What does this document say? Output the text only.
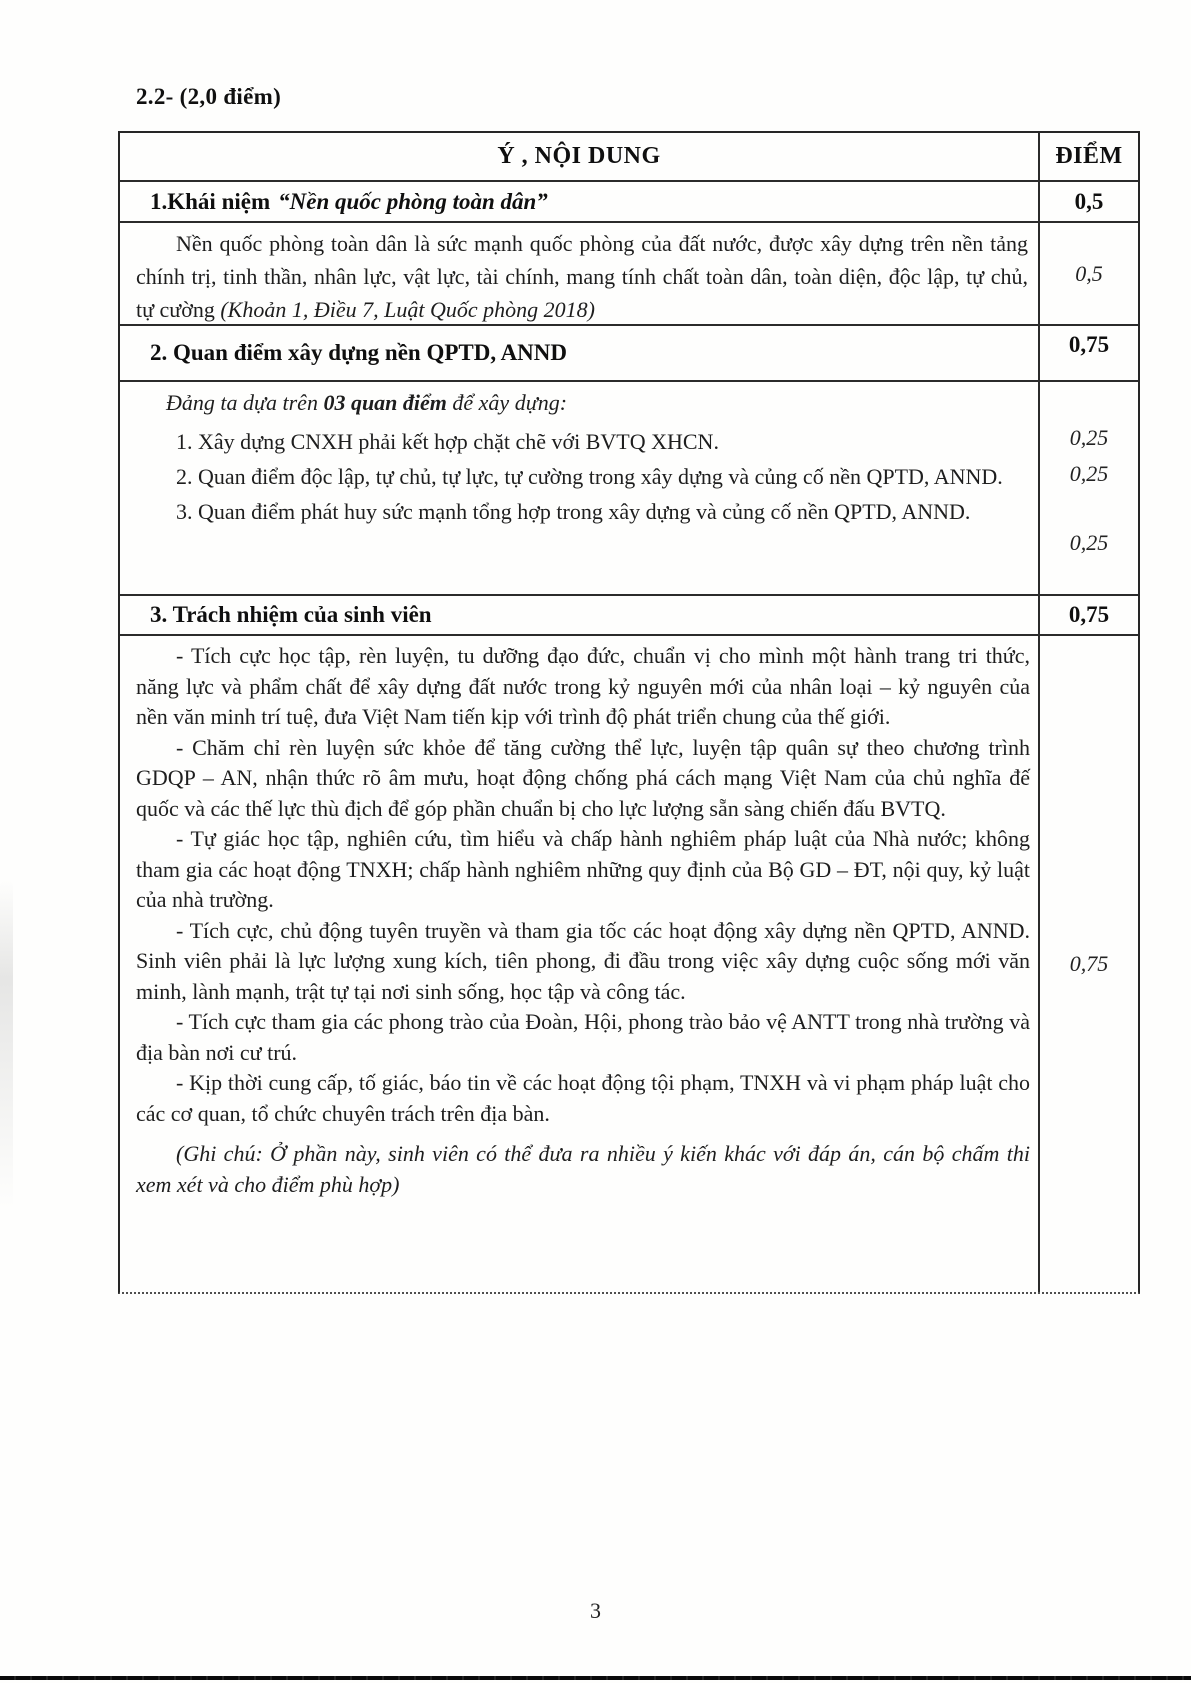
2.2- (2,0 điểm)
Ý , NỘI DUNG	ĐIỂM
1.Khái niệm “Nền quốc phòng toàn dân”	0,5

Nền quốc phòng toàn dân là sức mạnh quốc phòng của đất nước, được xây dựng trên nền tảng chính trị, tinh thần, nhân lực, vật lực, tài chính, mang tính chất toàn dân, toàn diện, độc lập, tự chủ, tự cường (Khoản 1, Điều 7, Luật Quốc phòng 2018)

0,5
2. Quan điểm xây dựng nền QPTD, ANND	0,75

Đảng ta dựa trên 03 quan điểm để xây dựng:

1. Xây dựng CNXH phải kết hợp chặt chẽ với BVTQ XHCN.

2. Quan điểm độc lập, tự chủ, tự lực, tự cường trong xây dựng và củng cố nền QPTD, ANND.

3. Quan điểm phát huy sức mạnh tổng hợp trong xây dựng và củng cố nền QPTD, ANND.

0,25
0,25
0,25
3. Trách nhiệm của sinh viên	0,75

- Tích cực học tập, rèn luyện, tu dưỡng đạo đức, chuẩn vị cho mình một hành trang tri thức, năng lực và phẩm chất để xây dựng đất nước trong kỷ nguyên mới của nhân loại – kỷ nguyên của nền văn minh trí tuệ, đưa Việt Nam tiến kịp với trình độ phát triển chung của thế giới.

- Chăm chỉ rèn luyện sức khỏe để tăng cường thể lực, luyện tập quân sự theo chương trình GDQP – AN, nhận thức rõ âm mưu, hoạt động chống phá cách mạng Việt Nam của chủ nghĩa đế quốc và các thế lực thù địch để góp phần chuẩn bị cho lực lượng sẵn sàng chiến đấu BVTQ.

- Tự giác học tập, nghiên cứu, tìm hiểu và chấp hành nghiêm pháp luật của Nhà nước; không tham gia các hoạt động TNXH; chấp hành nghiêm những quy định của Bộ GD – ĐT, nội quy, kỷ luật của nhà trường.

- Tích cực, chủ động tuyên truyền và tham gia tốc các hoạt động xây dựng nền QPTD, ANND. Sinh viên phải là lực lượng xung kích, tiên phong, đi đầu trong việc xây dựng cuộc sống mới văn minh, lành mạnh, trật tự tại nơi sinh sống, học tập và công tác.

- Tích cực tham gia các phong trào của Đoàn, Hội, phong trào bảo vệ ANTT trong nhà trường và địa bàn nơi cư trú.

- Kịp thời cung cấp, tố giác, báo tin về các hoạt động tội phạm, TNXH và vi phạm pháp luật cho các cơ quan, tổ chức chuyên trách trên địa bàn.

(Ghi chú: Ở phần này, sinh viên có thể đưa ra nhiều ý kiến khác với đáp án, cán bộ chấm thi xem xét và cho điểm phù hợp)

0,75
3
